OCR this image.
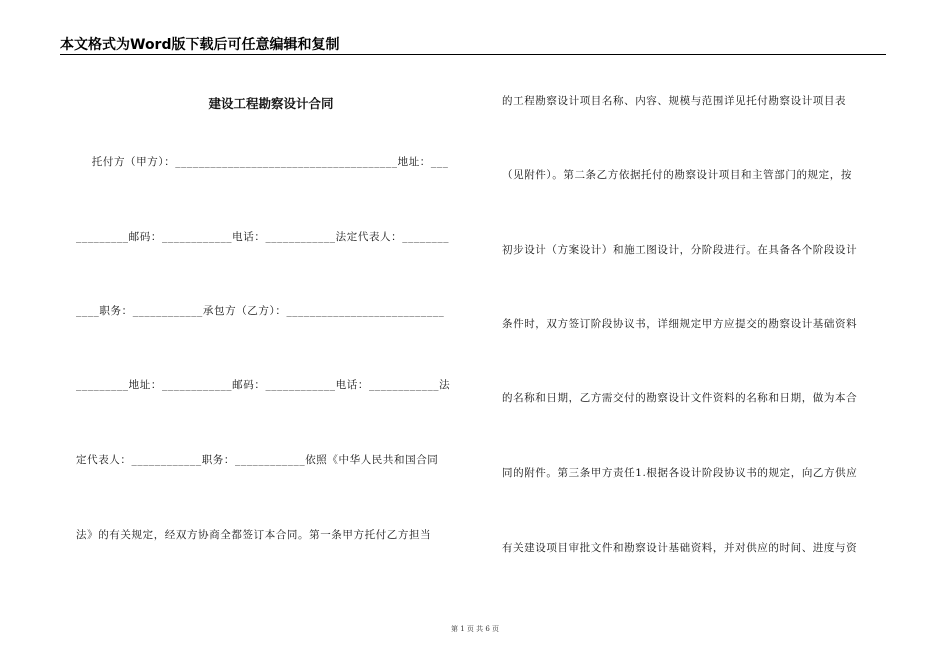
本文格式为Word版下载后可任意编辑和复制
建设工程勘察设计合同
托付方（甲方）：______________________________________地址：___
_________邮码：____________电话：____________法定代表人：________
____职务：____________承包方（乙方）：___________________________
_________地址：____________邮码：____________电话：____________法
定代表人：____________职务：____________依照《中华人民共和国合同
法》的有关规定，经双方协商全都签订本合同。第一条甲方托付乙方担当
的工程勘察设计项目名称、内容、规模与范围详见托付勘察设计项目表
（见附件）。第二条乙方依据托付的勘察设计项目和主管部门的规定，按
初步设计（方案设计）和施工图设计，分阶段进行。在具备各个阶段设计
条件时，双方签订阶段协议书，详细规定甲方应提交的勘察设计基础资料
的名称和日期，乙方需交付的勘察设计文件资料的名称和日期，做为本合
同的附件。第三条甲方责任1.根据各设计阶段协议书的规定，向乙方供应
有关建设项目审批文件和勘察设计基础资料，并对供应的时间、进度与资
第 1 页 共 6 页
